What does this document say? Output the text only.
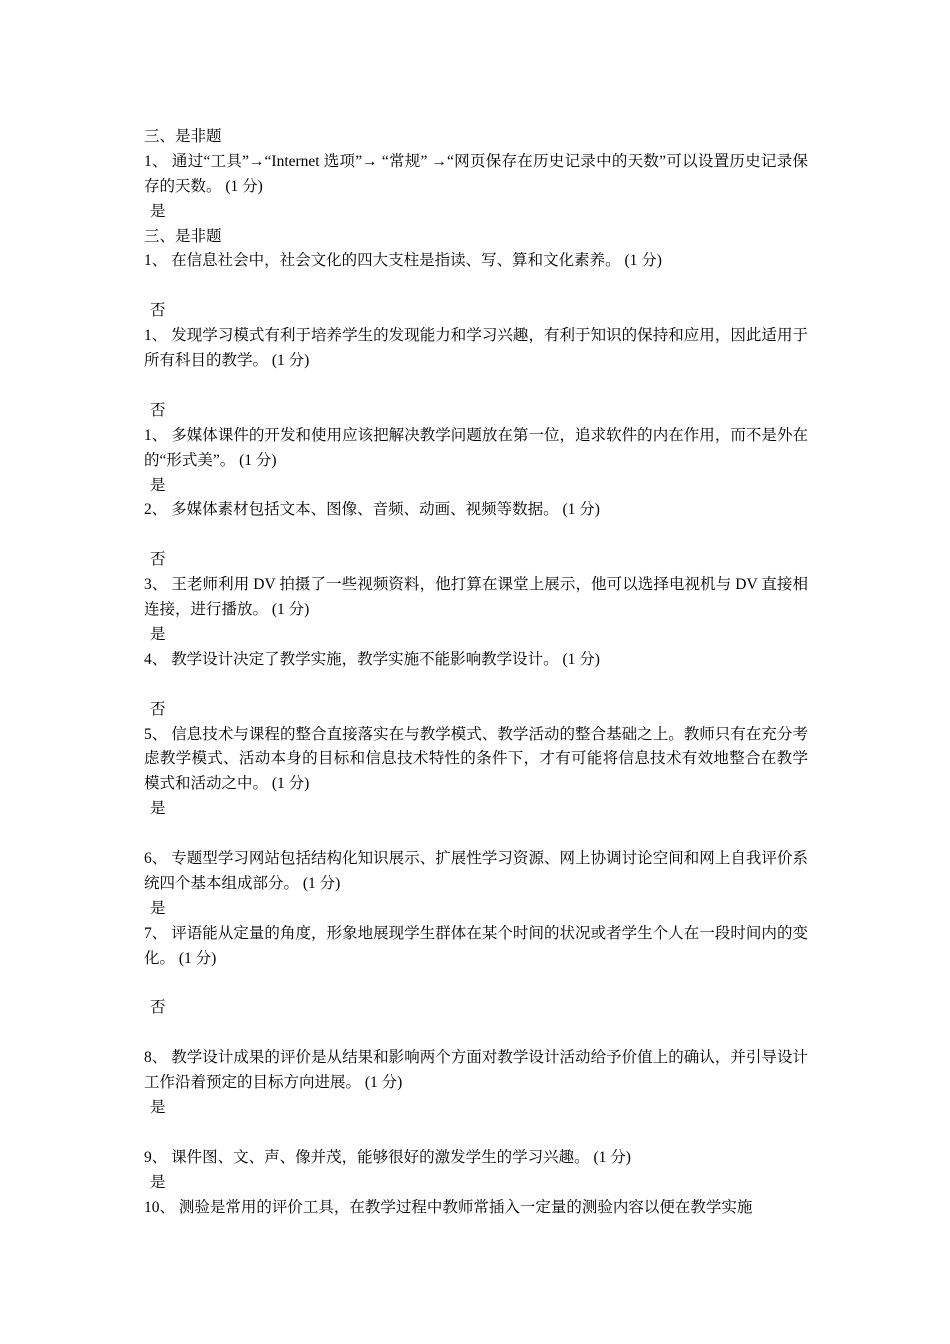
三、是非题
1、 通过“工具”→“Internet 选项”→ “常规” →“网页保存在历史记录中的天数”可以设置历史记录保存的天数。 (1 分)
是
三、是非题
1、 在信息社会中，社会文化的四大支柱是指读、写、算和文化素养。 (1 分)
否
1、 发现学习模式有利于培养学生的发现能力和学习兴趣，有利于知识的保持和应用，因此适用于所有科目的教学。 (1 分)
否
1、 多媒体课件的开发和使用应该把解决教学问题放在第一位，追求软件的内在作用，而不是外在的“形式美”。 (1 分)
是
2、 多媒体素材包括文本、图像、音频、动画、视频等数据。 (1 分)
否
3、 王老师利用 DV 拍摄了一些视频资料，他打算在课堂上展示，他可以选择电视机与 DV 直接相连接，进行播放。 (1 分)
是
4、 教学设计决定了教学实施，教学实施不能影响教学设计。 (1 分)
否
5、 信息技术与课程的整合直接落实在与教学模式、教学活动的整合基础之上。教师只有在充分考虑教学模式、活动本身的目标和信息技术特性的条件下，才有可能将信息技术有效地整合在教学模式和活动之中。 (1 分)
是
6、 专题型学习网站包括结构化知识展示、扩展性学习资源、网上协调讨论空间和网上自我评价系统四个基本组成部分。 (1 分)
是
7、 评语能从定量的角度，形象地展现学生群体在某个时间的状况或者学生个人在一段时间内的变化。 (1 分)
否
8、 教学设计成果的评价是从结果和影响两个方面对教学设计活动给予价值上的确认，并引导设计工作沿着预定的目标方向进展。 (1 分)
是
9、 课件图、文、声、像并茂，能够很好的激发学生的学习兴趣。 (1 分)
是
10、 测验是常用的评价工具，在教学过程中教师常插入一定量的测验内容以便在教学实施
